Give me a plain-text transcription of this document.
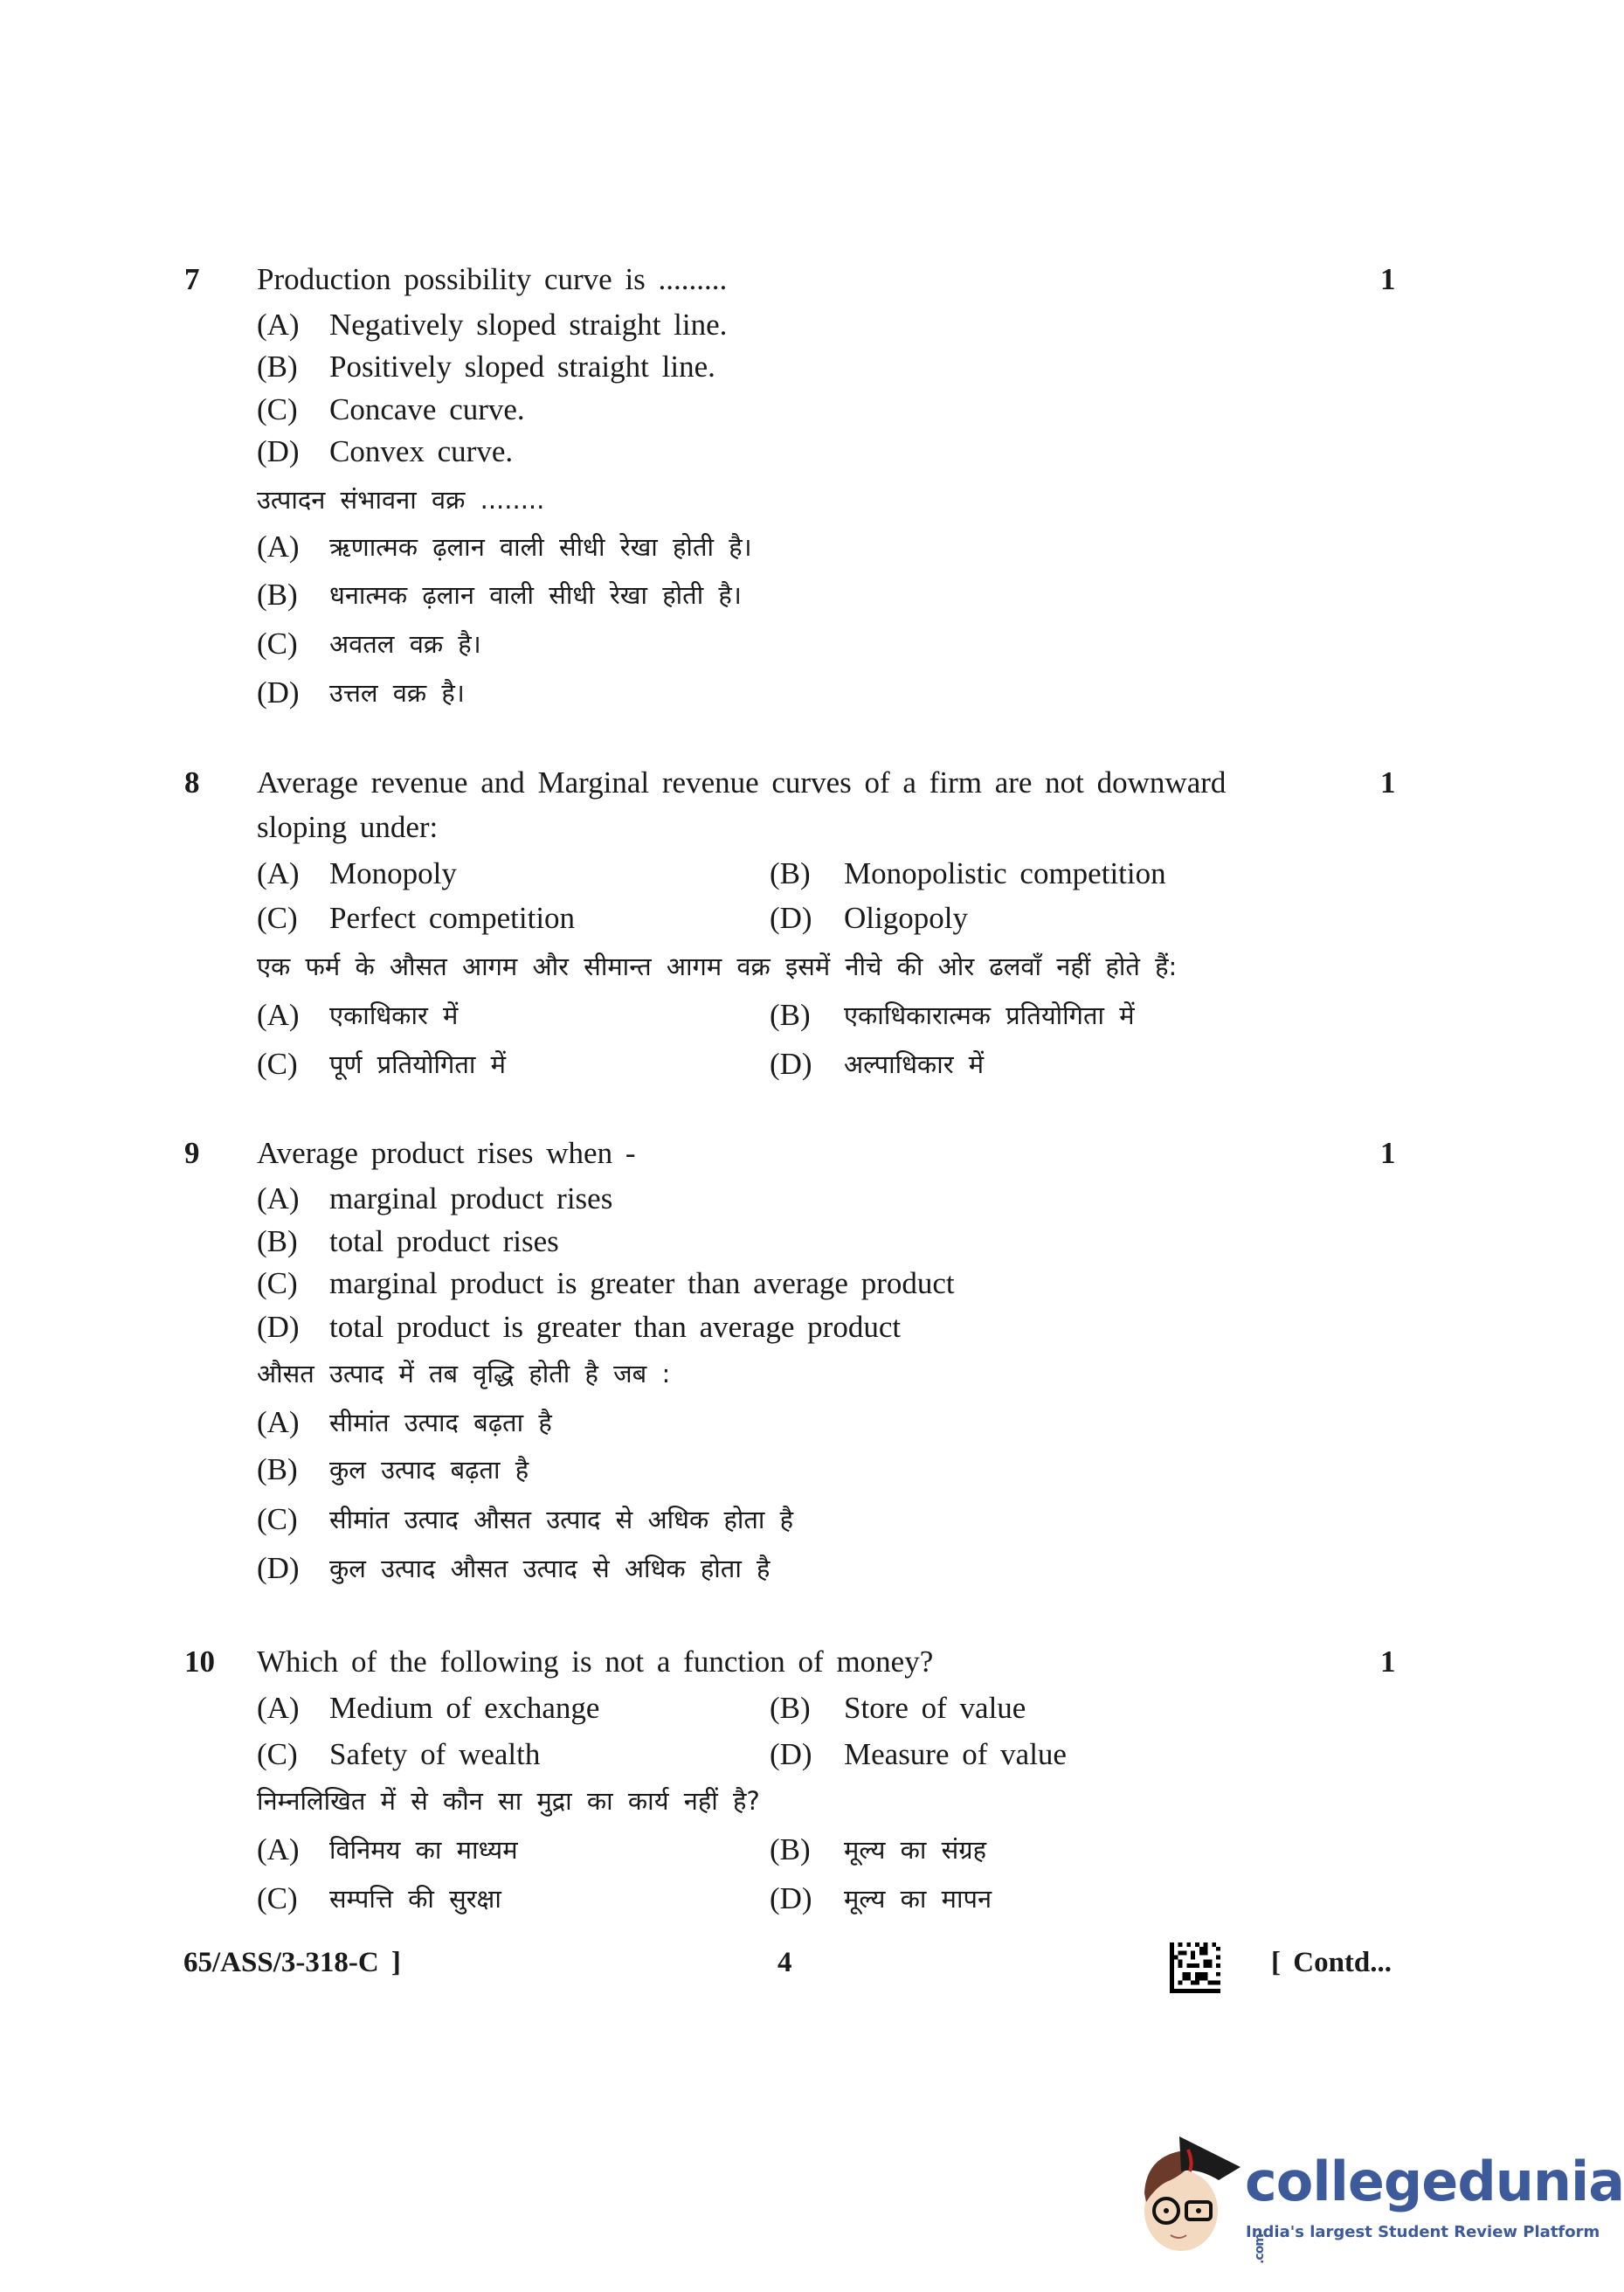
7 Production possibility curve is .........	1
(A) Negatively sloped straight line.
(B) Positively sloped straight line.
(C) Concave curve.
(D) Convex curve.
उत्पादन संभावना वक्र ........
(A) ऋणात्मक ढ़लान वाली सीधी रेखा होती है।
(B) धनात्मक ढ़लान वाली सीधी रेखा होती है।
(C) अवतल वक्र है।
(D) उत्तल वक्र है।
8 Average revenue and Marginal revenue curves of a firm are not downward	1
sloping under:
(A) Monopoly	(B) Monopolistic competition
(C) Perfect competition	(D) Oligopoly
एक फर्म के औसत आगम और सीमान्त आगम वक्र इसमें नीचे की ओर ढलवाँ नहीं होते हैं:
(A) एकाधिकार में	(B) एकाधिकारात्मक प्रतियोगिता में
(C) पूर्ण प्रतियोगिता में	(D) अल्पाधिकार में
9 Average product rises when -	1
(A) marginal product rises
(B) total product rises
(C) marginal product is greater than average product
(D) total product is greater than average product
औसत उत्पाद में तब वृद्धि होती है जब :
(A) सीमांत उत्पाद बढ़ता है
(B) कुल उत्पाद बढ़ता है
(C) सीमांत उत्पाद औसत उत्पाद से अधिक होता है
(D) कुल उत्पाद औसत उत्पाद से अधिक होता है
10 Which of the following is not a function of money?	1
(A) Medium of exchange	(B) Store of value
(C) Safety of wealth	(D) Measure of value
निम्नलिखित में से कौन सा मुद्रा का कार्य नहीं है?
(A) विनिमय का माध्यम	(B) मूल्य का संग्रह
(C) सम्पत्ति की सुरक्षा	(D) मूल्य का मापन
65/ASS/3-318-C ]	4	[ Contd...
collegedunia.com
India's largest Student Review Platform
